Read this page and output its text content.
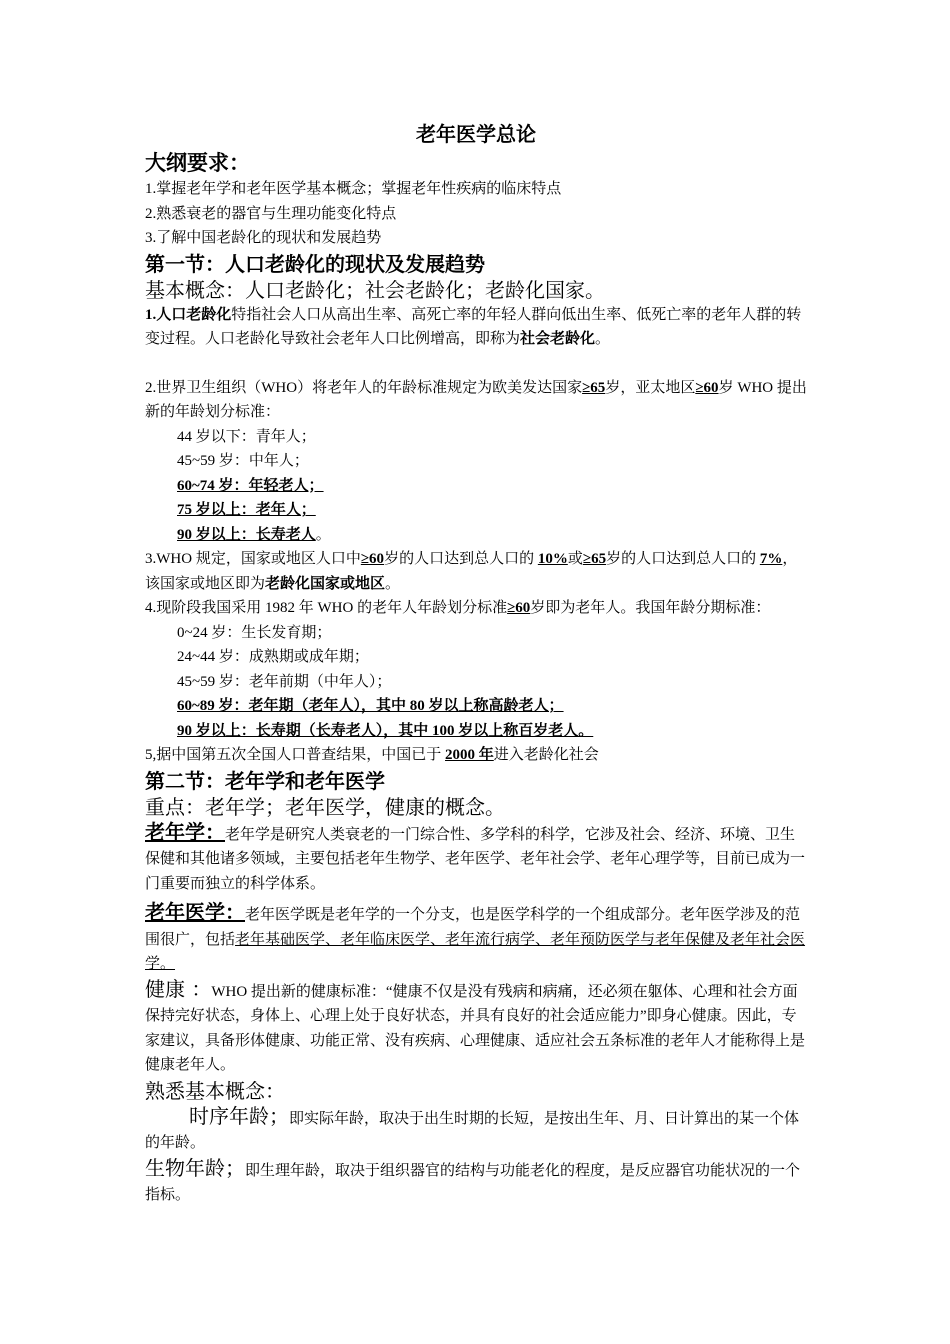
老年医学总论
大纲要求：
1.掌握老年学和老年医学基本概念；掌握老年性疾病的临床特点
2.熟悉衰老的器官与生理功能变化特点
3.了解中国老龄化的现状和发展趋势
第一节：人口老龄化的现状及发展趋势
基本概念：人口老龄化；社会老龄化；老龄化国家。
1.人口老龄化特指社会人口从高出生率、高死亡率的年轻人群向低出生率、低死亡率的老年人群的转变过程。人口老龄化导致社会老年人口比例增高，即称为社会老龄化。
2.世界卫生组织（WHO）将老年人的年龄标准规定为欧美发达国家≥65岁，亚太地区≥60岁 WHO 提出新的年龄划分标准：
44 岁以下：青年人；
45~59 岁：中年人；
60~74 岁：年轻老人；
75 岁以上：老年人；
90 岁以上：长寿老人。
3.WHO 规定，国家或地区人口中≥60岁的人口达到总人口的 10%或≥65岁的人口达到总人口的 7%，该国家或地区即为老龄化国家或地区。
4.现阶段我国采用 1982 年 WHO 的老年人年龄划分标准≥60岁即为老年人。我国年龄分期标准：
0~24 岁：生长发育期；
24~44 岁：成熟期或成年期；
45~59 岁：老年前期（中年人）；
60~89 岁：老年期（老年人），其中 80 岁以上称高龄老人；
90 岁以上：长寿期（长寿老人），其中 100 岁以上称百岁老人。
5,据中国第五次全国人口普查结果，中国已于 2000 年进入老龄化社会
第二节：老年学和老年医学
重点：老年学；老年医学，健康的概念。
老年学：老年学是研究人类衰老的一门综合性、多学科的科学，它涉及社会、经济、环境、卫生保健和其他诸多领域，主要包括老年生物学、老年医学、老年社会学、老年心理学等，目前已成为一门重要而独立的科学体系。
老年医学：老年医学既是老年学的一个分支，也是医学科学的一个组成部分。老年医学涉及的范围很广，包括老年基础医学、老年临床医学、老年流行病学、老年预防医学与老年保健及老年社会医学。
健康 ：WHO 提出新的健康标准：“健康不仅是没有残病和病痛，还必须在躯体、心理和社会方面保持完好状态，身体上、心理上处于良好状态，并具有良好的社会适应能力”即身心健康。因此，专家建议，具备形体健康、功能正常、没有疾病、心理健康、适应社会五条标准的老年人才能称得上是健康老年人。
熟悉基本概念：
时序年龄；即实际年龄，取决于出生时期的长短，是按出生年、月、日计算出的某一个体的年龄。
生物年龄；即生理年龄，取决于组织器官的结构与功能老化的程度，是反应器官功能状况的一个指标。
